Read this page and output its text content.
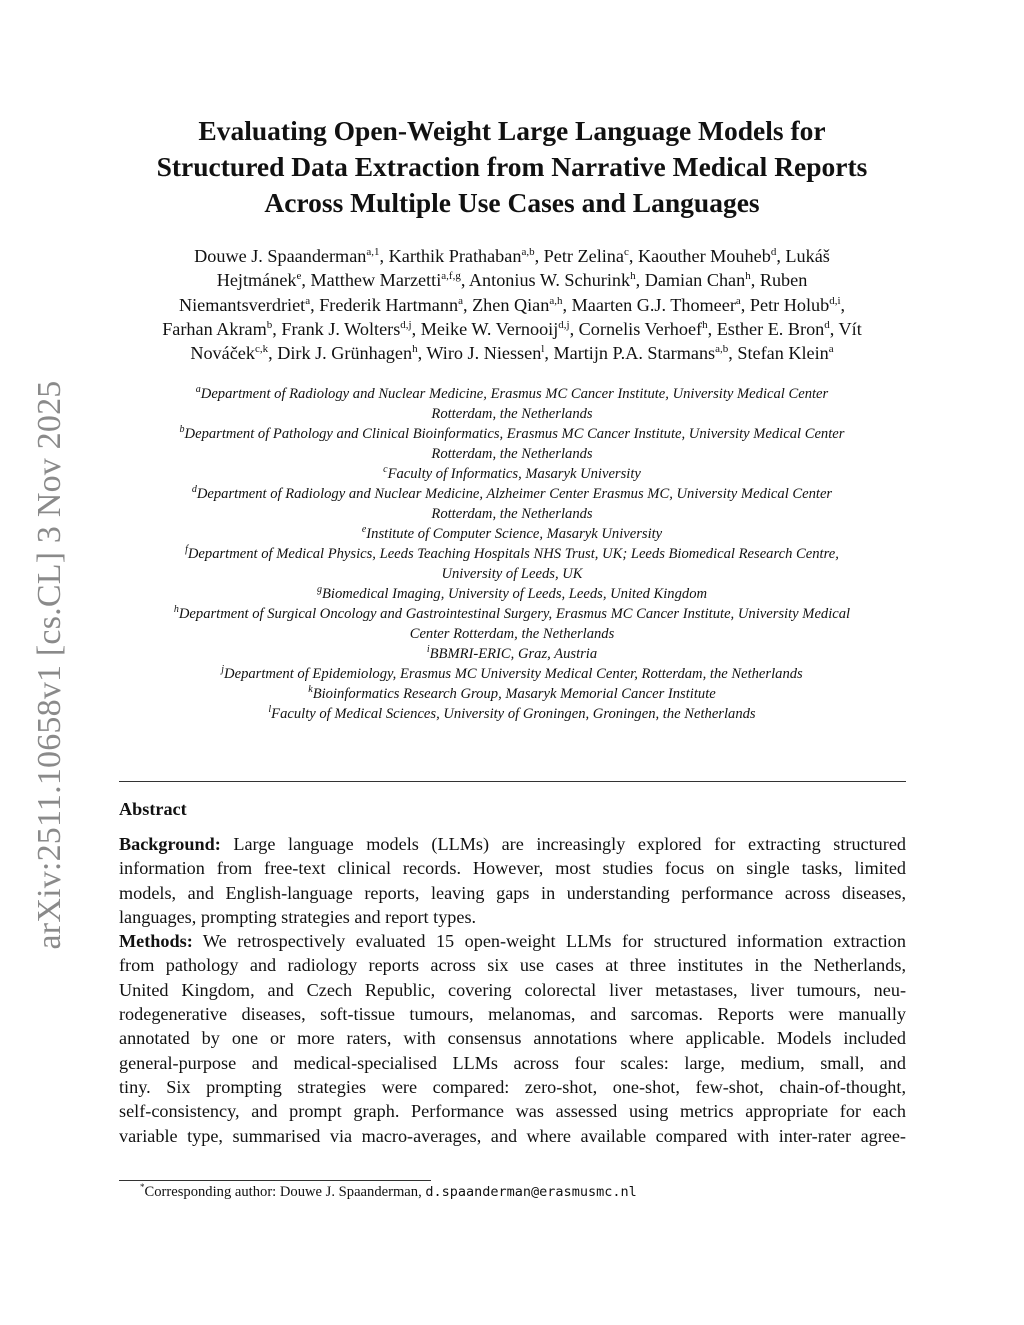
arXiv:2511.10658v1 [cs.CL] 3 Nov 2025
Evaluating Open-Weight Large Language Models for
Structured Data Extraction from Narrative Medical Reports
Across Multiple Use Cases and Languages
Douwe J. Spaanderman$^{a,1}$, Karthik Prathaban$^{a,b}$, Petr Zelina$^c$, Kaouther Mouheb$^d$, Lukáš
Hejtmánek$^e$, Matthew Marzetti$^{a,f,g}$, Antonius W. Schurink$^h$, Damian Chan$^h$, Ruben
Niemantsverdriet$^a$, Frederik Hartmann$^a$, Zhen Qian$^{a,h}$, Maarten G.J. Thomeer$^a$, Petr Holub$^{d,i}$,
Farhan Akram$^b$, Frank J. Wolters$^{d,j}$, Meike W. Vernooij$^{d,j}$, Cornelis Verhoef$^h$, Esther E. Bron$^d$, Vít
Nováček$^{c,k}$, Dirk J. Grünhagen$^h$, Wiro J. Niessen$^l$, Martijn P.A. Starmans$^{a,b}$, Stefan Klein$^a$
$^a$Department of Radiology and Nuclear Medicine, Erasmus MC Cancer Institute, University Medical Center
Rotterdam, the Netherlands
$^b$Department of Pathology and Clinical Bioinformatics, Erasmus MC Cancer Institute, University Medical Center
Rotterdam, the Netherlands
$^c$Faculty of Informatics, Masaryk University
$^d$Department of Radiology and Nuclear Medicine, Alzheimer Center Erasmus MC, University Medical Center
Rotterdam, the Netherlands
$^e$Institute of Computer Science, Masaryk University
$^f$Department of Medical Physics, Leeds Teaching Hospitals NHS Trust, UK; Leeds Biomedical Research Centre,
University of Leeds, UK
$^g$Biomedical Imaging, University of Leeds, Leeds, United Kingdom
$^h$Department of Surgical Oncology and Gastrointestinal Surgery, Erasmus MC Cancer Institute, University Medical
Center Rotterdam, the Netherlands
$^i$BBMRI-ERIC, Graz, Austria
$^j$Department of Epidemiology, Erasmus MC University Medical Center, Rotterdam, the Netherlands
$^k$Bioinformatics Research Group, Masaryk Memorial Cancer Institute
$^l$Faculty of Medical Sciences, University of Groningen, Groningen, the Netherlands
Abstract
Background: Large language models (LLMs) are increasingly explored for extracting structured
information from free-text clinical records. However, most studies focus on single tasks, limited
models, and English-language reports, leaving gaps in understanding performance across diseases,
languages, prompting strategies and report types.
Methods: We retrospectively evaluated 15 open-weight LLMs for structured information extraction
from pathology and radiology reports across six use cases at three institutes in the Netherlands,
United Kingdom, and Czech Republic, covering colorectal liver metastases, liver tumours, neu-
rodegenerative diseases, soft-tissue tumours, melanomas, and sarcomas. Reports were manually
annotated by one or more raters, with consensus annotations where applicable. Models included
general-purpose and medical-specialised LLMs across four scales: large, medium, small, and
tiny. Six prompting strategies were compared: zero-shot, one-shot, few-shot, chain-of-thought,
self-consistency, and prompt graph. Performance was assessed using metrics appropriate for each
variable type, summarised via macro-averages, and where available compared with inter-rater agree-
*Corresponding author: Douwe J. Spaanderman, d.spaanderman@erasmusmc.nl
